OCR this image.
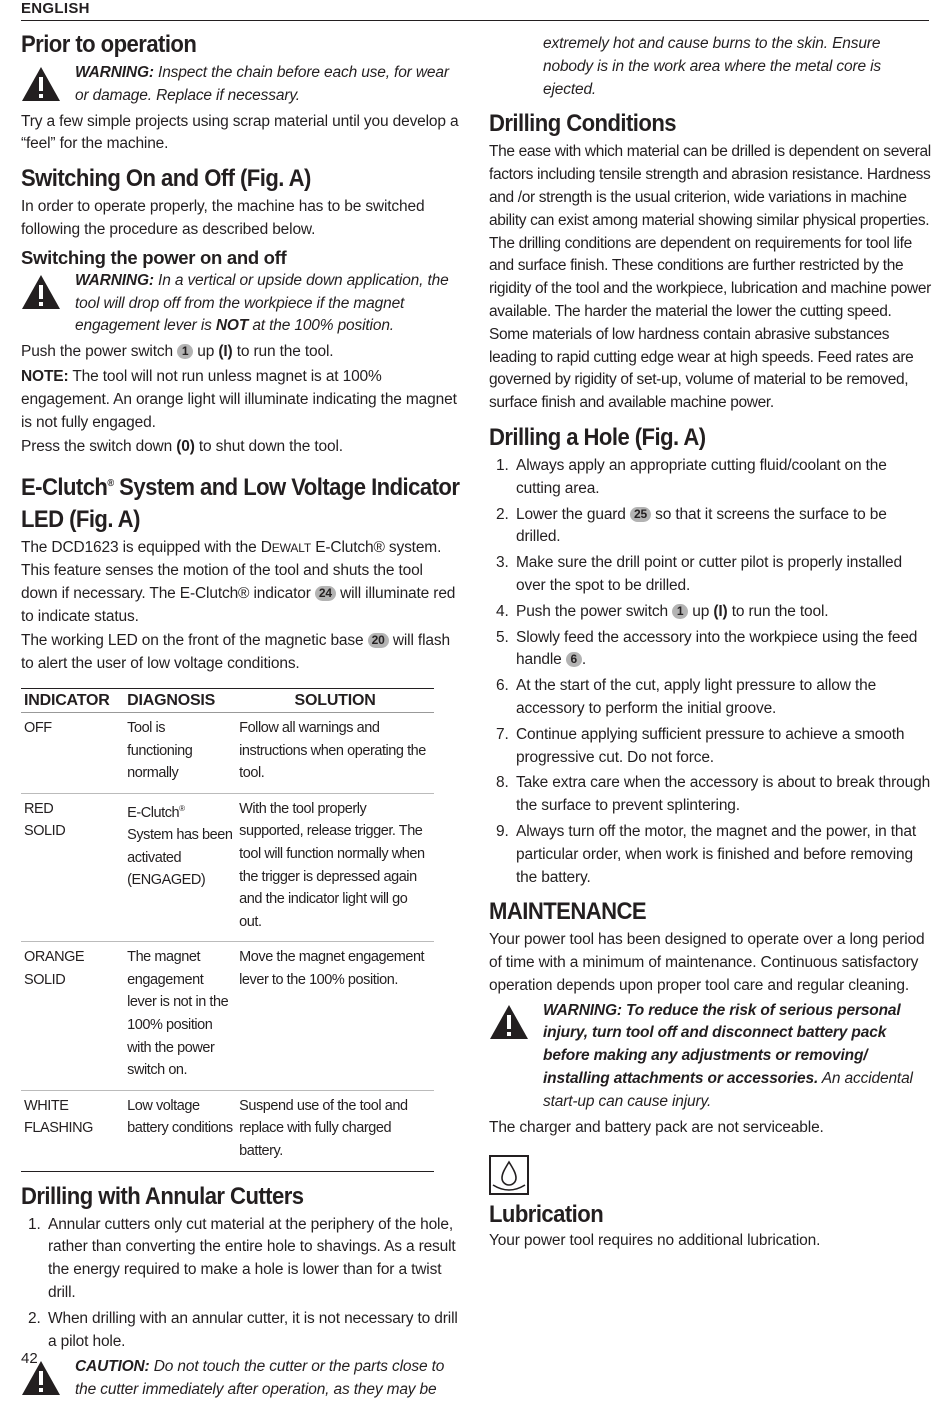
ENGLISH
Prior to operation
WARNING: Inspect the chain before each use, for wear or damage. Replace if necessary.

Try a few simple projects using scrap material until you develop a “feel” for the machine.

Switching On and Off (Fig. A)

In order to operate properly, the machine has to be switched following the procedure as described below.

Switching the power on and off
WARNING: In a vertical or upside down application, the tool will drop off from the workpiece if the magnet engagement lever is NOT at the 100% position.

Push the power switch 1 up (I) to run the tool.

NOTE: The tool will not run unless magnet is at 100% engagement. An orange light will illuminate indicating the magnet is not fully engaged.

Press the switch down (0) to shut down the tool.

E-Clutch® System and Low Voltage Indicator
LED (Fig. A)

The DCD1623 is equipped with the DEWALT E-Clutch® system. This feature senses the motion of the tool and shuts the tool down if necessary. The E-Clutch® indicator 24 will illuminate red to indicate status.

The working LED on the front of the magnetic base 20 will flash to alert the user of low voltage conditions.

INDICATOR	DIAGNOSIS	SOLUTION
OFF	Tool is functioning normally	Follow all warnings and instructions when operating the tool.
RED SOLID	E-Clutch® System has been activated (ENGAGED)	With the tool properly supported, release trigger. The tool will function normally when the trigger is depressed again and the indicator light will go out.
ORANGE SOLID	The magnet engagement lever is not in the 100% position with the power switch on.	Move the magnet engagement lever to the 100% position.
WHITE FLASHING	Low voltage battery conditions	Suspend use of the tool and replace with fully charged battery.
Drilling with Annular Cutters
1. Annular cutters only cut material at the periphery of the hole, rather than converting the entire hole to shavings. As a result the energy required to make a hole is lower than for a twist drill.
2. When drilling with an annular cutter, it is not necessary to drill a pilot hole.
CAUTION: Do not touch the cutter or the parts close to the cutter immediately after operation, as they may be
extremely hot and cause burns to the skin. Ensure nobody is in the work area where the metal core is ejected.
Drilling Conditions

The ease with which material can be drilled is dependent on several factors including tensile strength and abrasion resistance. Hardness and /or strength is the usual criterion, wide variations in machine ability can exist among material showing similar physical properties. The drilling conditions are dependent on requirements for tool life and surface finish. These conditions are further restricted by the rigidity of the tool and the workpiece, lubrication and machine power available. The harder the material the lower the cutting speed. Some materials of low hardness contain abrasive substances leading to rapid cutting edge wear at high speeds. Feed rates are governed by rigidity of set-up, volume of material to be removed, surface finish and available machine power.

Drilling a Hole (Fig. A)
1. Always apply an appropriate cutting fluid/coolant on the cutting area.
2. Lower the guard 25 so that it screens the surface to be drilled.
3. Make sure the drill point or cutter pilot is properly installed over the spot to be drilled.
4. Push the power switch 1 up (I) to run the tool.
5. Slowly feed the accessory into the workpiece using the feed handle 6 .
6. At the start of the cut, apply light pressure to allow the accessory to perform the initial groove.
7. Continue applying sufficient pressure to achieve a smooth progressive cut. Do not force.
8. Take extra care when the accessory is about to break through the surface to prevent splintering.
9. Always turn off the motor, the magnet and the power, in that particular order, when work is finished and before removing the battery.
MAINTENANCE

Your power tool has been designed to operate over a long period of time with a minimum of maintenance. Continuous satisfactory operation depends upon proper tool care and regular cleaning.

WARNING: To reduce the risk of serious personal injury, turn tool off and disconnect battery pack before making any adjustments or removing/ installing attachments or accessories. An accidental start-up can cause injury.

The charger and battery pack are not serviceable.

Lubrication

Your power tool requires no additional lubrication.

42
